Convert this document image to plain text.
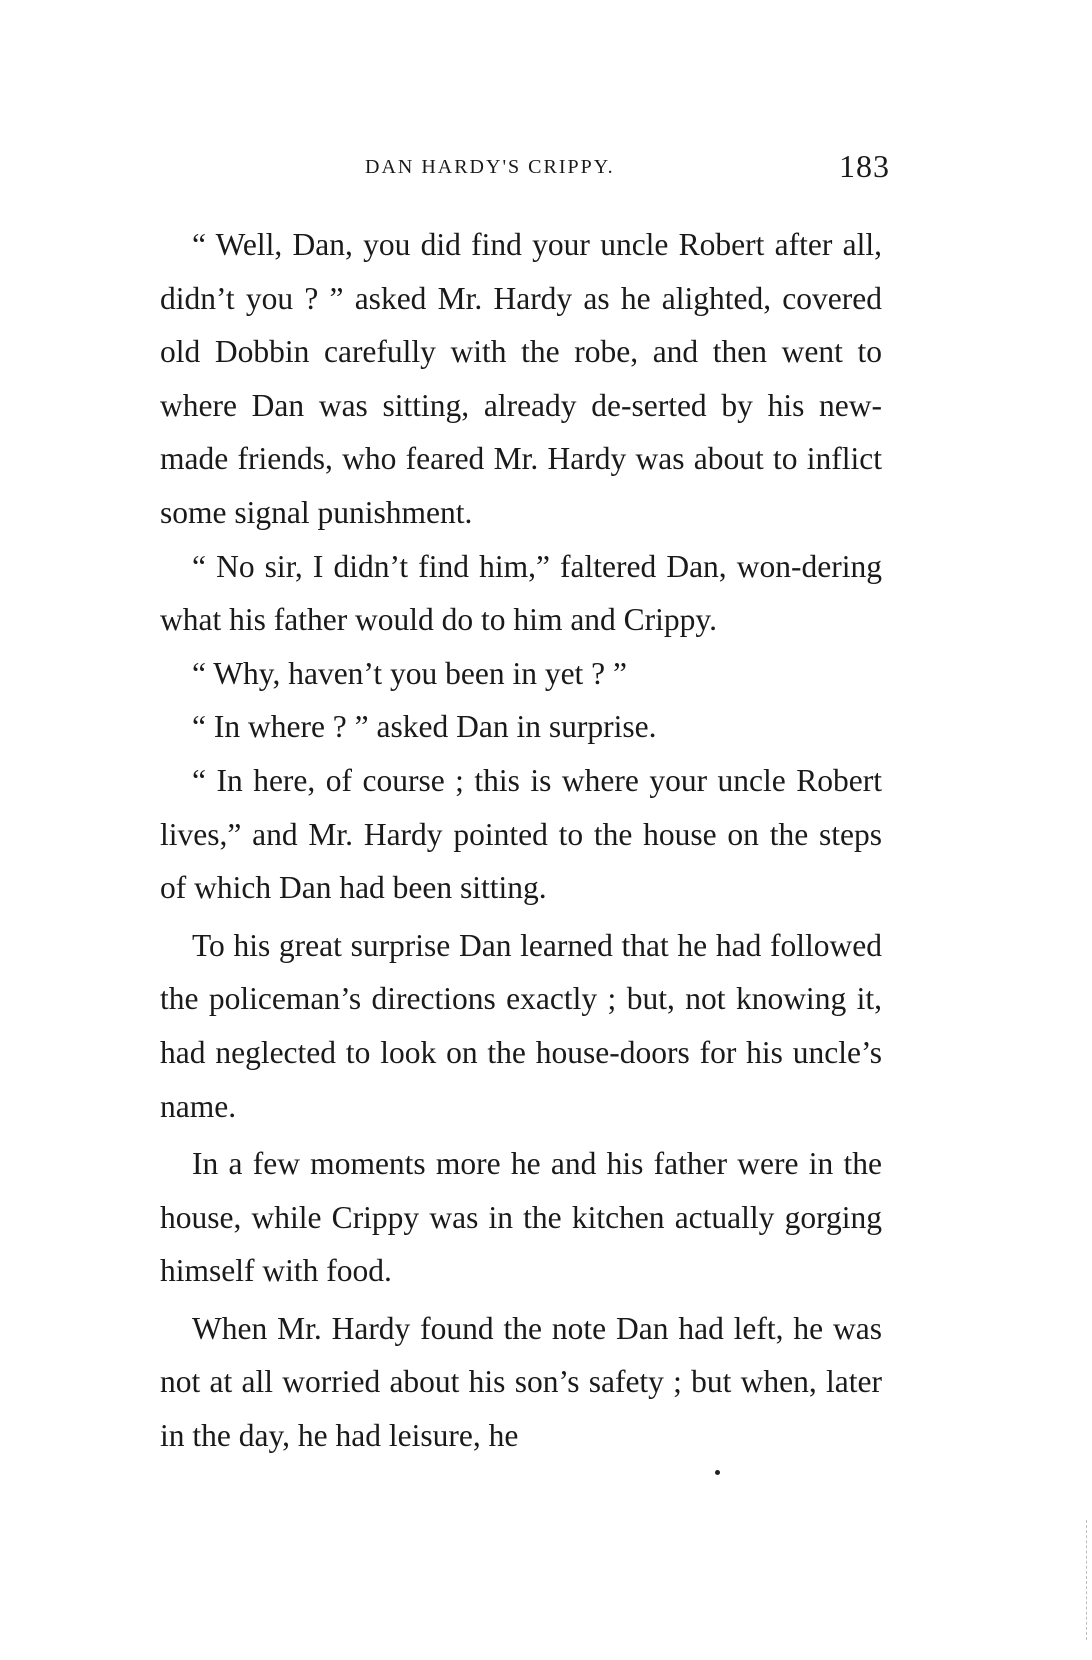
DAN HARDY'S CRIPPY.	183

“ Well, Dan, you did find your uncle Robert after all, didn’t you ? ” asked Mr. Hardy as he alighted, covered old Dobbin carefully with the robe, and then went to where Dan was sitting, already de-serted by his new-made friends, who feared Mr. Hardy was about to inflict some signal punishment.

“ No sir, I didn’t find him,” faltered Dan, won-dering what his father would do to him and Crippy.

“ Why, haven’t you been in yet ? ”

“ In where ? ” asked Dan in surprise.

“ In here, of course ; this is where your uncle Robert lives,” and Mr. Hardy pointed to the house on the steps of which Dan had been sitting.

To his great surprise Dan learned that he had followed the policeman’s directions exactly ; but, not knowing it, had neglected to look on the house-doors for his uncle’s name.

In a few moments more he and his father were in the house, while Crippy was in the kitchen actually gorging himself with food.

When Mr. Hardy found the note Dan had left, he was not at all worried about his son’s safety ; but when, later in the day, he had leisure, he
